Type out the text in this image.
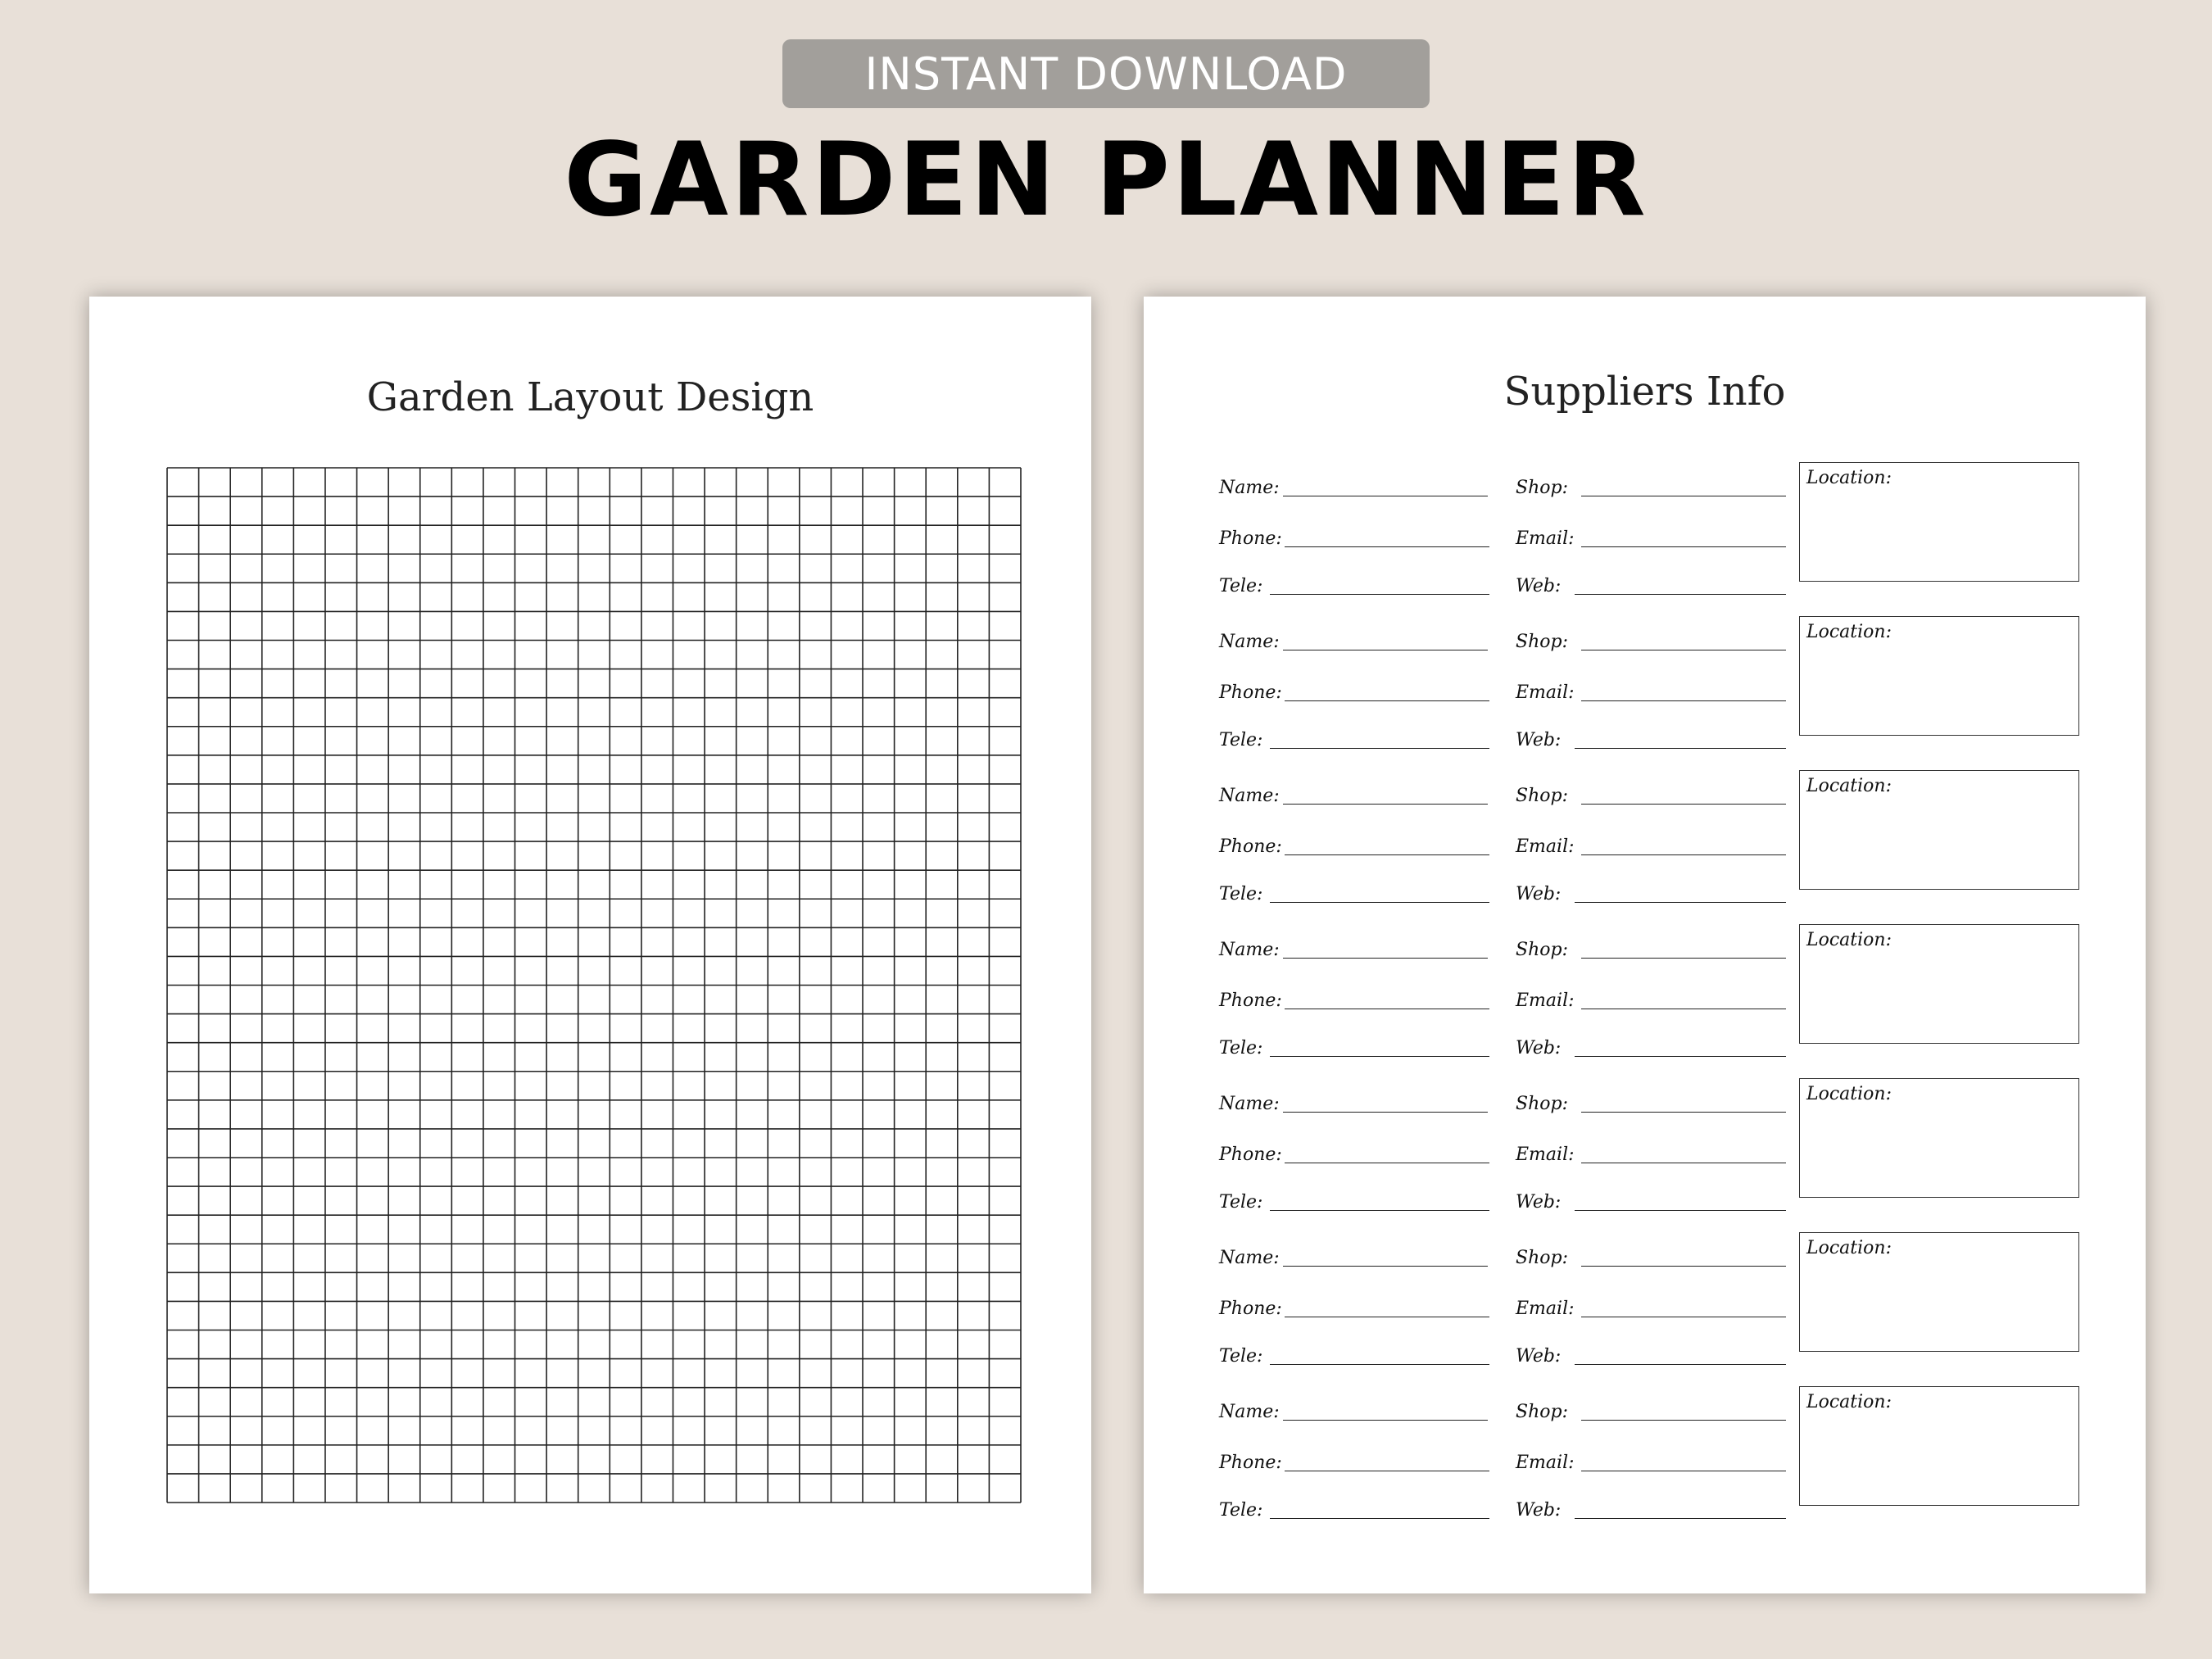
INSTANT DOWNLOAD
GARDEN PLANNER
Garden Layout Design	Suppliers Info
Name:
Phone:
Tele:
Shop:
Email:
Web:
Location:
Name:
Phone:
Tele:
Shop:
Email:
Web:
Location:
Name:
Phone:
Tele:
Shop:
Email:
Web:
Location:
Name:
Phone:
Tele:
Shop:
Email:
Web:
Location:
Name:
Phone:
Tele:
Shop:
Email:
Web:
Location:
Name:
Phone:
Tele:
Shop:
Email:
Web:
Location:
Name:
Phone:
Tele:
Shop:
Email:
Web:
Location:
